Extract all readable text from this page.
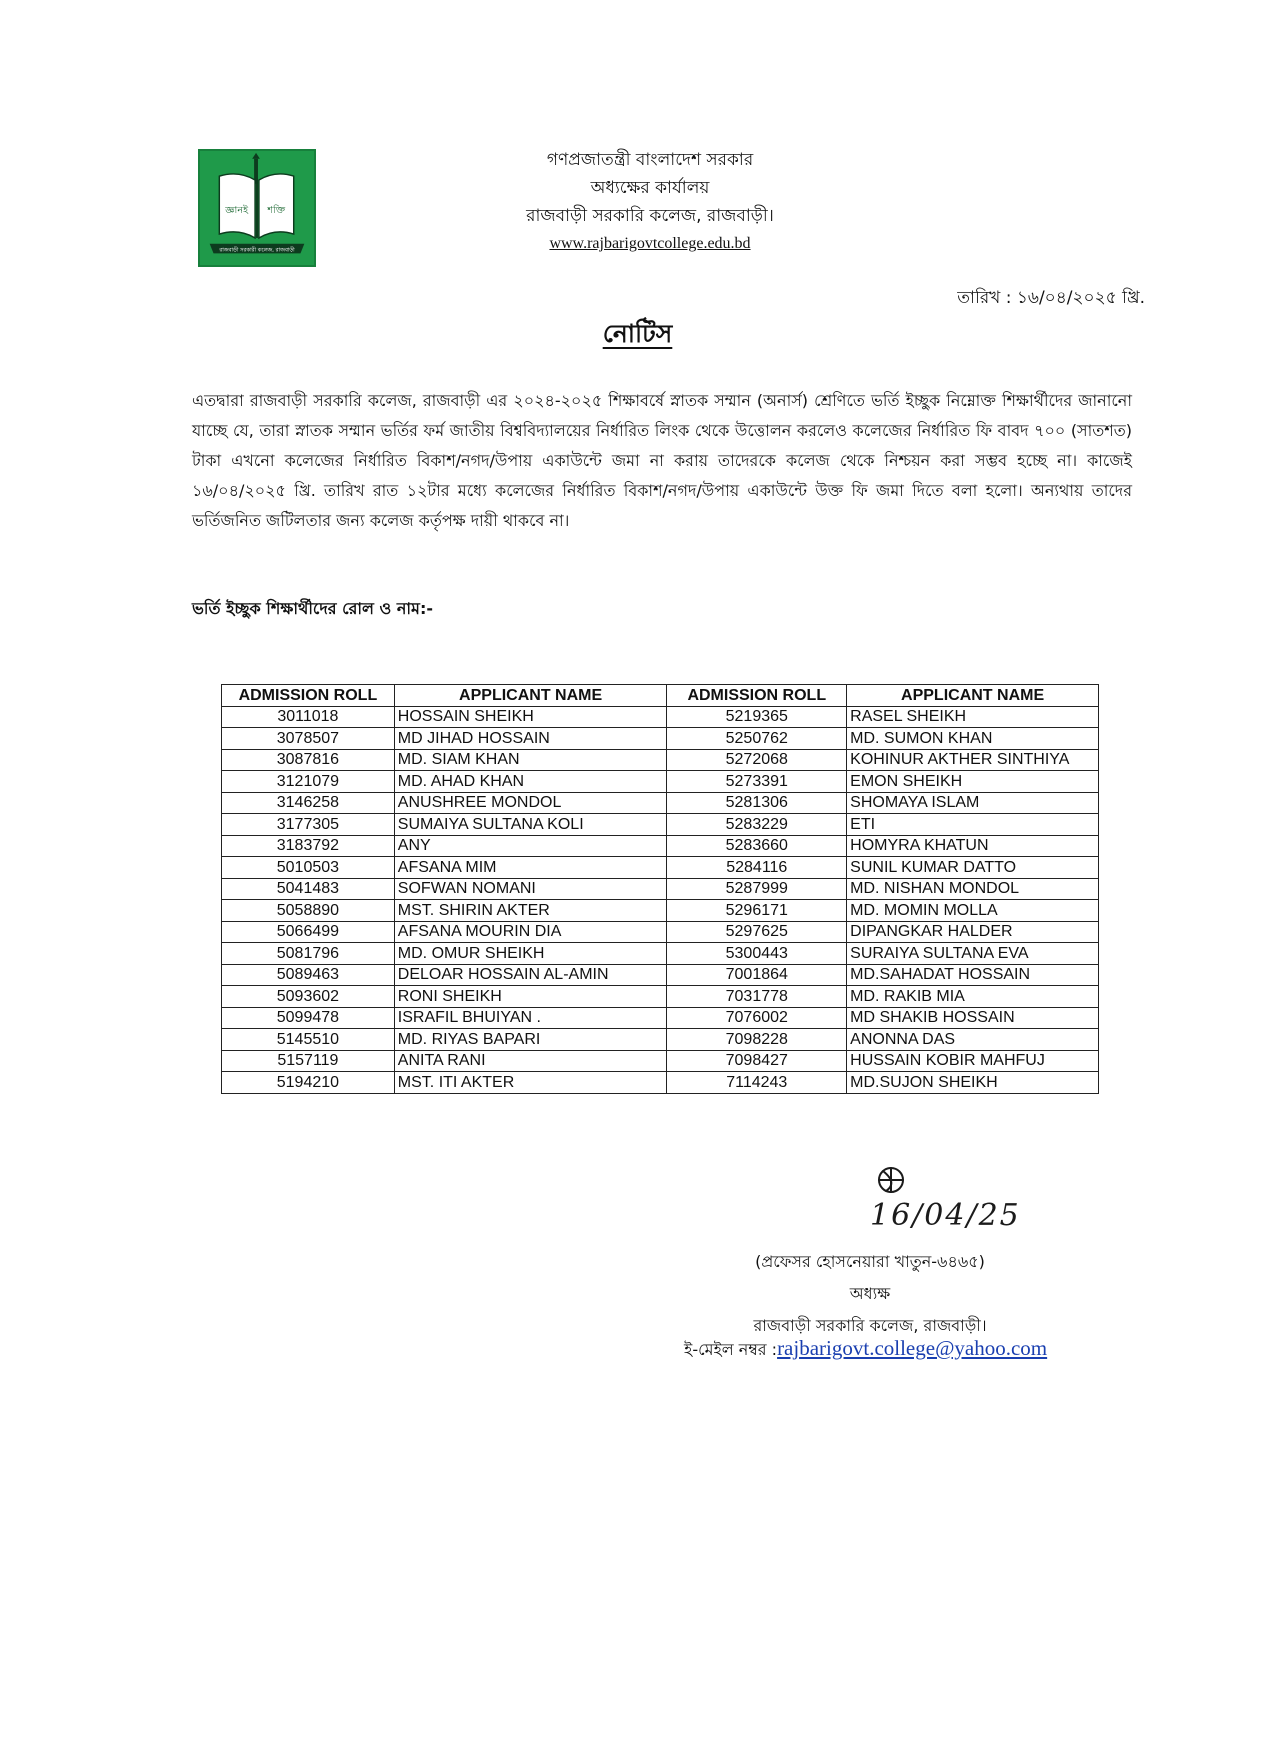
জ্ঞানই শক্তি
রাজবাড়ী সরকারী কলেজ, রাজবাড়ী
গণপ্রজাতন্ত্রী বাংলাদেশ সরকার
অধ্যক্ষের কার্যালয়
রাজবাড়ী সরকারি কলেজ, রাজবাড়ী।
www.rajbarigovtcollege.edu.bd
তারিখ : ১৬/০৪/২০২৫ খ্রি.
নোটিস

এতদ্বারা রাজবাড়ী সরকারি কলেজ, রাজবাড়ী এর ২০২৪-২০২৫ শিক্ষাবর্ষে স্নাতক সম্মান (অনার্স) শ্রেণিতে ভর্তি ইচ্ছুক নিম্নোক্ত শিক্ষার্থীদের জানানো যাচ্ছে যে, তারা স্নাতক সম্মান ভর্তির ফর্ম জাতীয় বিশ্ববিদ্যালয়ের নির্ধারিত লিংক থেকে উত্তোলন করলেও কলেজের নির্ধারিত ফি বাবদ ৭০০ (সাতশত) টাকা এখনো কলেজের নির্ধারিত বিকাশ/নগদ/উপায় একাউন্টে জমা না করায় তাদেরকে কলেজ থেকে নিশ্চয়ন করা সম্ভব হচ্ছে না। কাজেই ১৬/০৪/২০২৫ খ্রি. তারিখ রাত ১২টার মধ্যে কলেজের নির্ধারিত বিকাশ/নগদ/উপায় একাউন্টে উক্ত ফি জমা দিতে বলা হলো। অন্যথায় তাদের ভর্তিজনিত জটিলতার জন্য কলেজ কর্তৃপক্ষ দায়ী থাকবে না।

ভর্তি ইচ্ছুক শিক্ষার্থীদের রোল ও নাম:-
ADMISSION ROLL	APPLICANT NAME	ADMISSION ROLL	APPLICANT NAME
3011018	HOSSAIN SHEIKH	5219365	RASEL SHEIKH
3078507	MD JIHAD HOSSAIN	5250762	MD. SUMON KHAN
3087816	MD. SIAM KHAN	5272068	KOHINUR AKTHER SINTHIYA
3121079	MD. AHAD KHAN	5273391	EMON SHEIKH
3146258	ANUSHREE MONDOL	5281306	SHOMAYA ISLAM
3177305	SUMAIYA SULTANA KOLI	5283229	ETI
3183792	ANY	5283660	HOMYRA KHATUN
5010503	AFSANA MIM	5284116	SUNIL KUMAR DATTO
5041483	SOFWAN NOMANI	5287999	MD. NISHAN MONDOL
5058890	MST. SHIRIN AKTER	5296171	MD. MOMIN MOLLA
5066499	AFSANA MOURIN DIA	5297625	DIPANGKAR HALDER
5081796	MD. OMUR SHEIKH	5300443	SURAIYA SULTANA EVA
5089463	DELOAR HOSSAIN AL-AMIN	7001864	MD.SAHADAT HOSSAIN
5093602	RONI SHEIKH	7031778	MD. RAKIB MIA
5099478	ISRAFIL BHUIYAN .	7076002	MD SHAKIB HOSSAIN
5145510	MD. RIYAS BAPARI	7098228	ANONNA DAS
5157119	ANITA RANI	7098427	HUSSAIN KOBIR MAHFUJ
5194210	MST. ITI AKTER	7114243	MD.SUJON SHEIKH
16/04/25
(প্রফেসর হোসনেয়ারা খাতুন-৬৪৬৫)
অধ্যক্ষ
রাজবাড়ী সরকারি কলেজ, রাজবাড়ী।
ই-মেইল নম্বর :rajbarigovt.college@yahoo.com
